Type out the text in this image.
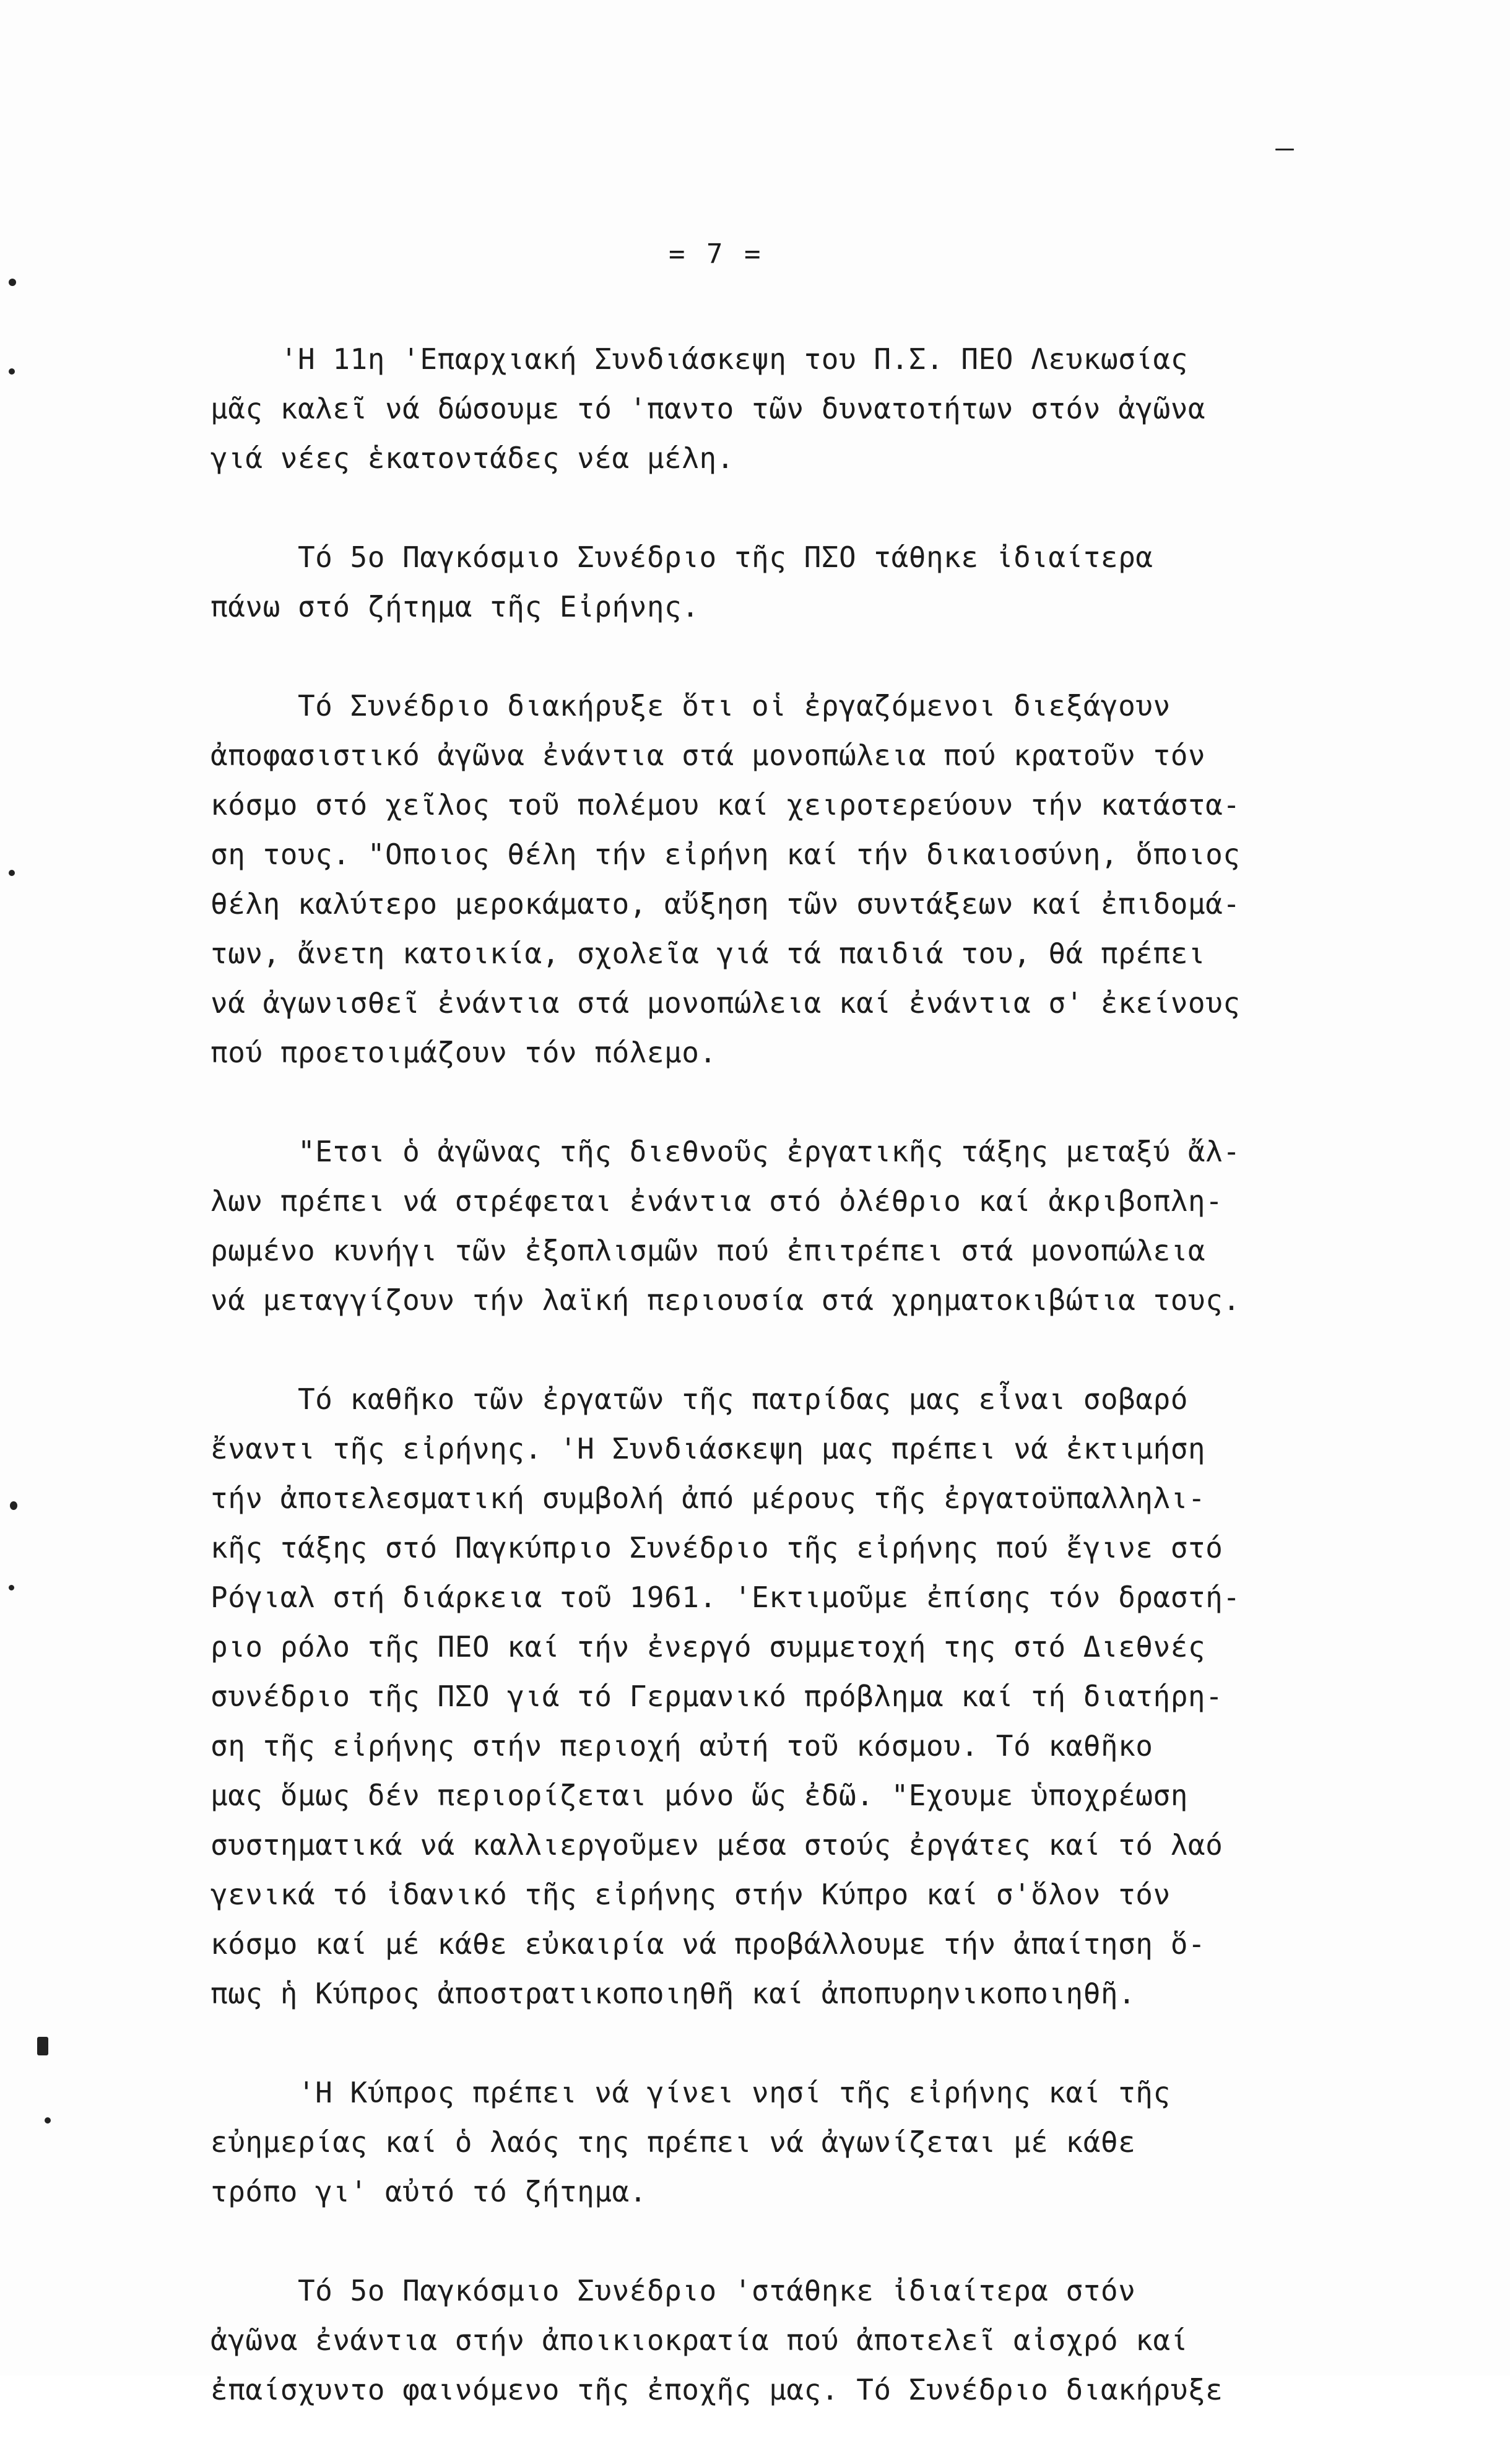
= 7 =
'Η 11η 'Επαρχιακή Συνδιάσκεψη του Π.Σ. ΠΕΟ Λευκωσίας
μᾶς καλεῖ νά δώσουμε τό 'παντο τῶν δυνατοτήτων στόν ἀγῶνα
γιά νέες ἑκατοντάδες νέα μέλη.
Τό 5ο Παγκόσμιο Συνέδριο τῆς ΠΣΟ τάθηκε ἰδιαίτερα
πάνω στό ζήτημα τῆς Εἰρήνης.
Τό Συνέδριο διακήρυξε ὅτι οἱ ἐργαζόμενοι διεξάγουν
ἀποφασιστικό ἀγῶνα ἐνάντια στά μονοπώλεια πού κρατοῦν τόν
κόσμο στό χεῖλος τοῦ πολέμου καί χειροτερεύουν τήν κατάστα-
ση τους. "Οποιος θέλη τήν εἰρήνη καί τήν δικαιοσύνη, ὅποιος
θέλη καλύτερο μεροκάματο, αὔξηση τῶν συντάξεων καί ἐπιδομά-
των, ἄνετη κατοικία, σχολεῖα γιά τά παιδιά του, θά πρέπει
νά ἀγωνισθεῖ ἐνάντια στά μονοπώλεια καί ἐνάντια σ' ἐκείνους
πού προετοιμάζουν τόν πόλεμο.
"Ετσι ὁ ἀγῶνας τῆς διεθνοῦς ἐργατικῆς τάξης μεταξύ ἄλ-
λων πρέπει νά στρέφεται ἐνάντια στό ὀλέθριο καί ἀκριβοπλη-
ρωμένο κυνήγι τῶν ἐξοπλισμῶν πού ἐπιτρέπει στά μονοπώλεια
νά μεταγγίζουν τήν λαϊκή περιουσία στά χρηματοκιβώτια τους.
Τό καθῆκο τῶν ἐργατῶν τῆς πατρίδας μας εἶναι σοβαρό
ἔναντι τῆς εἰρήνης. 'Η Συνδιάσκεψη μας πρέπει νά ἐκτιμήση
τήν ἀποτελεσματική συμβολή ἀπό μέρους τῆς ἐργατοϋπαλληλι-
κῆς τάξης στό Παγκύπριο Συνέδριο τῆς εἰρήνης πού ἔγινε στό
Ρόγιαλ στή διάρκεια τοῦ 1961. 'Εκτιμοῦμε ἐπίσης τόν δραστή-
ριο ρόλο τῆς ΠΕΟ καί τήν ἐνεργό συμμετοχή της στό Διεθνές
συνέδριο τῆς ΠΣΟ γιά τό Γερμανικό πρόβλημα καί τή διατήρη-
ση τῆς εἰρήνης στήν περιοχή αὐτή τοῦ κόσμου. Τό καθῆκο
μας ὅμως δέν περιορίζεται μόνο ὥς ἐδῶ. "Εχουμε ὑποχρέωση
συστηματικά νά καλλιεργοῦμεν μέσα στούς ἐργάτες καί τό λαό
γενικά τό ἰδανικό τῆς εἰρήνης στήν Κύπρο καί σ'ὅλον τόν
κόσμο καί μέ κάθε εὐκαιρία νά προβάλλουμε τήν ἀπαίτηση ὅ-
πως ἡ Κύπρος ἀποστρατικοποιηθῆ καί ἀποπυρηνικοποιηθῆ.
'Η Κύπρος πρέπει νά γίνει νησί τῆς εἰρήνης καί τῆς
εὐημερίας καί ὁ λαός της πρέπει νά ἀγωνίζεται μέ κάθε
τρόπο γι' αὐτό τό ζήτημα.
Τό 5ο Παγκόσμιο Συνέδριο 'στάθηκε ἰδιαίτερα στόν
ἀγῶνα ἐνάντια στήν ἀποικιοκρατία πού ἀποτελεῖ αἰσχρό καί
ἐπαίσχυντο φαινόμενο τῆς ἐποχῆς μας. Τό Συνέδριο διακήρυξε
